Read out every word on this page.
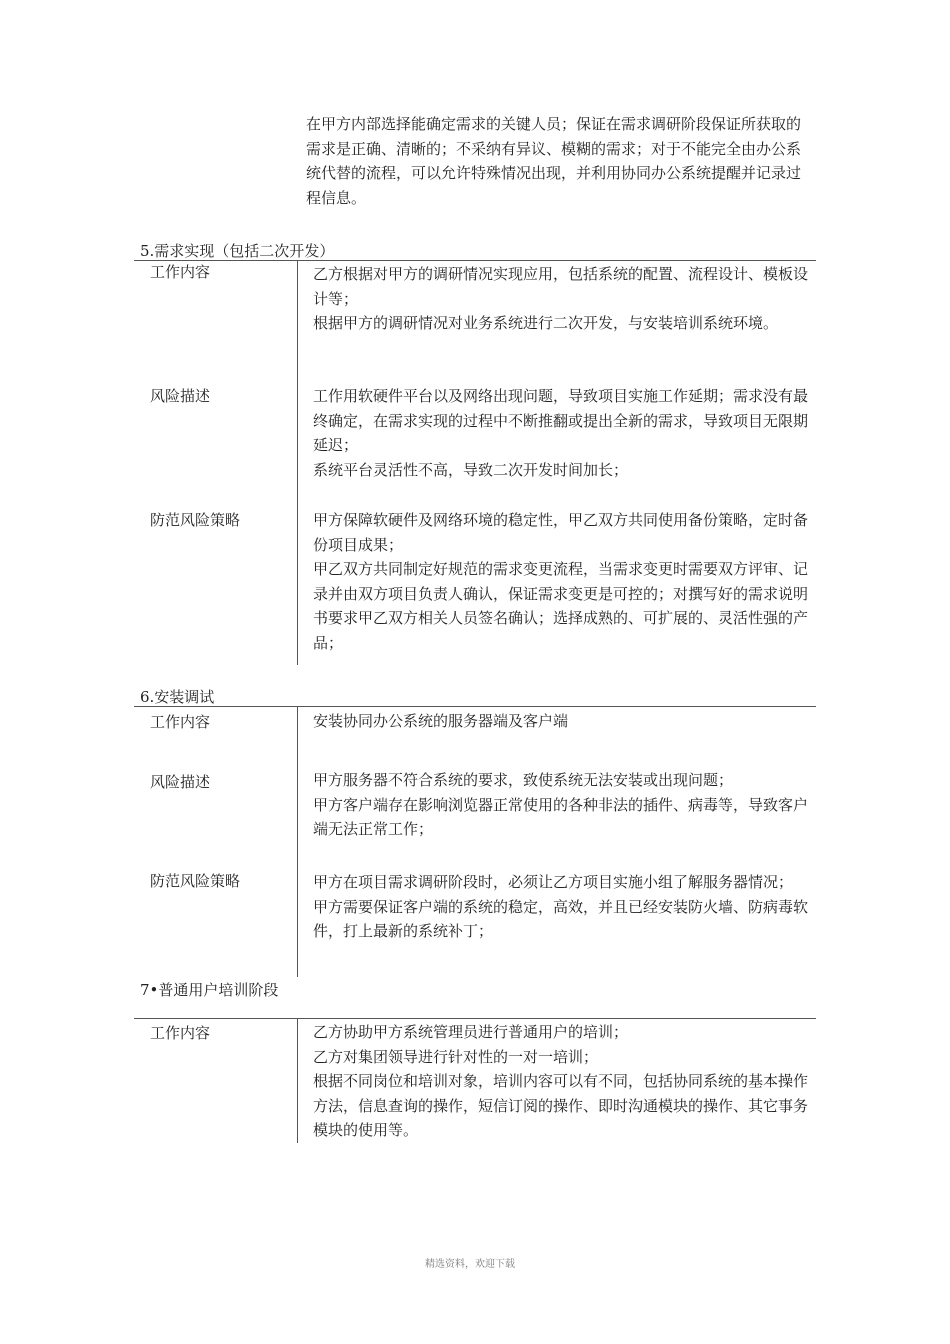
在甲方内部选择能确定需求的关键人员；保证在需求调研阶段保证所获取的需求是正确、清晰的；不采纳有异议、模糊的需求；对于不能完全由办公系统代替的流程，可以允许特殊情况出现，并利用协同办公系统提醒并记录过程信息。
5.需求实现（包括二次开发）
工作内容	乙方根据对甲方的调研情况实现应用，包括系统的配置、流程设计、模板设计等；
根据甲方的调研情况对业务系统进行二次开发，与安装培训系统环境。
风险描述	工作用软硬件平台以及网络出现问题，导致项目实施工作延期；需求没有最终确定，在需求实现的过程中不断推翻或提出全新的需求，导致项目无限期延迟；
系统平台灵活性不高，导致二次开发时间加长；
防范风险策略	甲方保障软硬件及网络环境的稳定性，甲乙双方共同使用备份策略，定时备份项目成果；
甲乙双方共同制定好规范的需求变更流程，当需求变更时需要双方评审、记录并由双方项目负责人确认，保证需求变更是可控的；对撰写好的需求说明书要求甲乙双方相关人员签名确认；选择成熟的、可扩展的、灵活性强的产品；
6.安装调试
工作内容	安装协同办公系统的服务器端及客户端
风险描述	甲方服务器不符合系统的要求，致使系统无法安装或出现问题；
甲方客户端存在影响浏览器正常使用的各种非法的插件、病毒等，导致客户端无法正常工作；
防范风险策略	甲方在项目需求调研阶段时，必须让乙方项目实施小组了解服务器情况；
甲方需要保证客户端的系统的稳定，高效，并且已经安装防火墙、防病毒软件，打上最新的系统补丁；
7•普通用户培训阶段
工作内容	乙方协助甲方系统管理员进行普通用户的培训；
乙方对集团领导进行针对性的一对一培训；
根据不同岗位和培训对象，培训内容可以有不同，包括协同系统的基本操作方法，信息查询的操作，短信订阅的操作、即时沟通模块的操作、其它事务模块的使用等。
精选资料，欢迎下载
